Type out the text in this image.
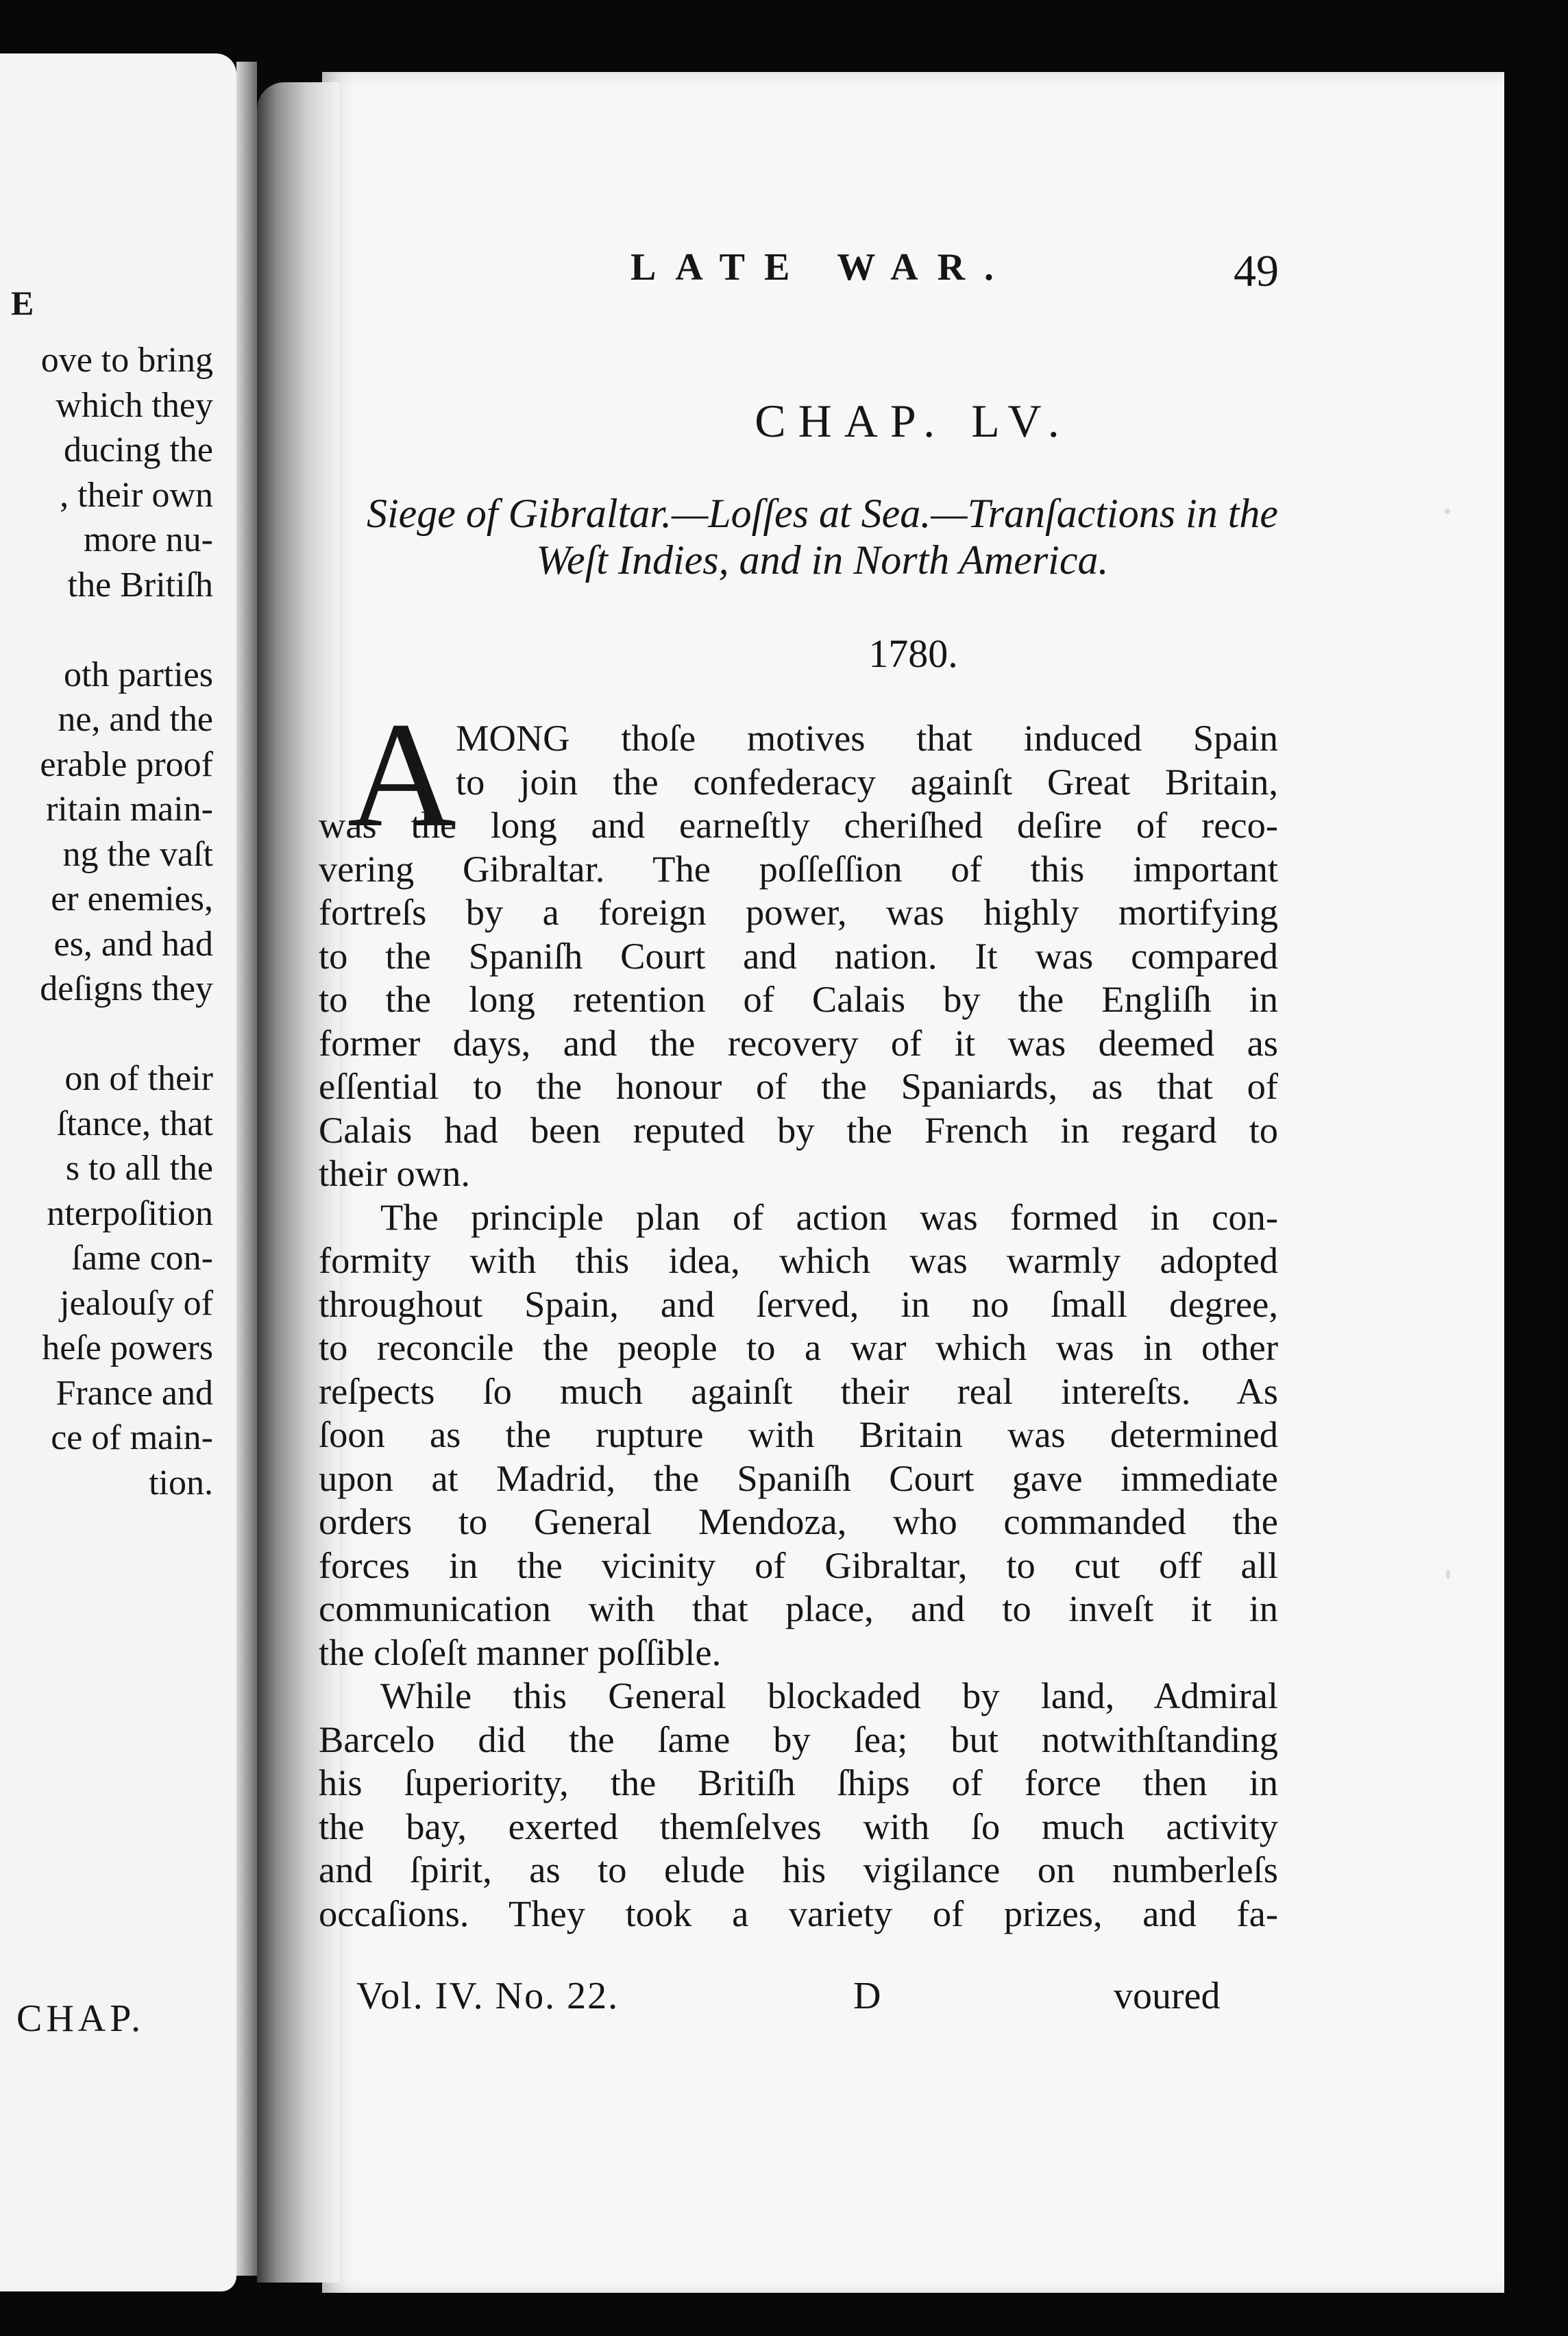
E
ove to bring
which they
ducing the
, their own
more nu-
the Britiſh
oth parties
ne, and the
erable proof
ritain main-
ng the vaſt
er enemies,
es, and had
deſigns they
on of their
ſtance, that
s to all the
nterpoſition
ſame con-
jealouſy of
heſe powers
France and
ce of main-
tion.
CHAP.
LATE WAR.	49
CHAP. LV.
Siege of Gibraltar.—Loſſes at Sea.—Tranſactions in the
Weſt Indies, and in North America.
1780.
A MONG thoſe motives that induced Spain
to join the confederacy againſt Great Britain,
was the long and earneſtly cheriſhed deſire of reco-
vering Gibraltar. The poſſeſſion of this important
fortreſs by a foreign power, was highly mortifying
to the Spaniſh Court and nation. It was compared
to the long retention of Calais by the Engliſh in
former days, and the recovery of it was deemed as
eſſential to the honour of the Spaniards, as that of
Calais had been reputed by the French in regard to
their own.
The principle plan of action was formed in con-
formity with this idea, which was warmly adopted
throughout Spain, and ſerved, in no ſmall degree,
to reconcile the people to a war which was in other
reſpects ſo much againſt their real intereſts. As
ſoon as the rupture with Britain was determined
upon at Madrid, the Spaniſh Court gave immediate
orders to General Mendoza, who commanded the
forces in the vicinity of Gibraltar, to cut off all
communication with that place, and to inveſt it in
the cloſeſt manner poſſible.
While this General blockaded by land, Admiral
Barcelo did the ſame by ſea; but notwithſtanding
his ſuperiority, the Britiſh ſhips of force then in
the bay, exerted themſelves with ſo much activity
and ſpirit, as to elude his vigilance on numberleſs
occaſions. They took a variety of prizes, and fa-
Vol. IV. No. 22.	D	voured
